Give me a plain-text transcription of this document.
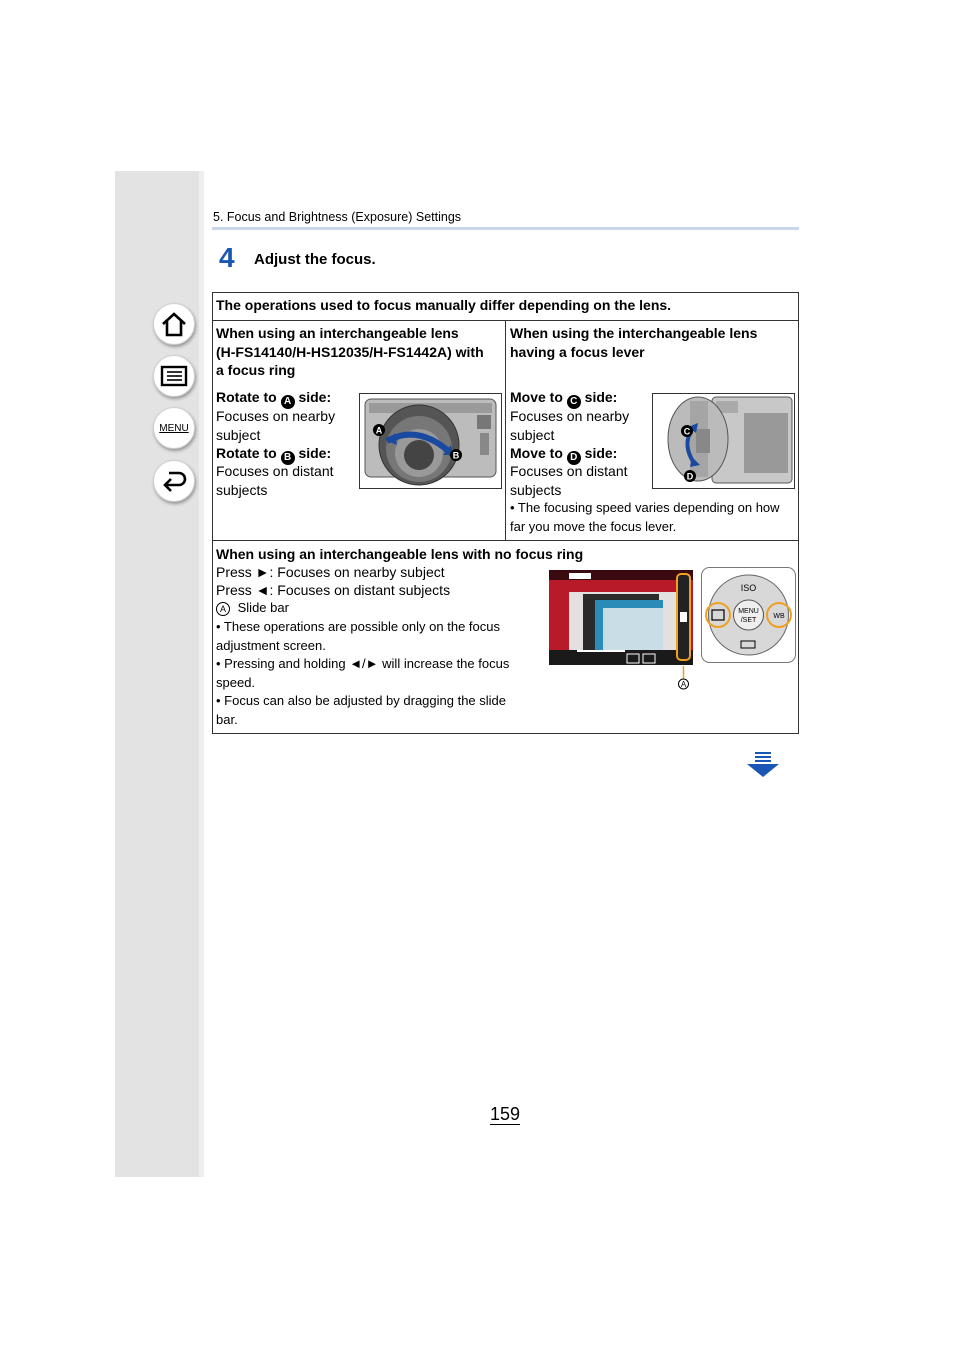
MENU
5. Focus and Brightness (Exposure) Settings
4 Adjust the focus.
The operations used to focus manually differ depending on the lens.
When using an interchangeable lens
(H-FS14140/H-HS12035/H-FS1442A) with
a focus ring
Rotate to A side:
Focuses on nearby
subject
Rotate to B side:
Focuses on distant
subjects
A
B
When using the interchangeable lens
having a focus lever
Move to C side:
Focuses on nearby
subject
Move to D side:
Focuses on distant
subjects
• The focusing speed varies depending on how
far you move the focus lever.
C
D
When using an interchangeable lens with no focus ring
Press ►: Focuses on nearby subject
Press ◄: Focuses on distant subjects
A Slide bar
• These operations are possible only on the focus
adjustment screen.
• Pressing and holding ◄/► will increase the focus
speed.
• Focus can also be adjusted by dragging the slide
bar.
A
ISO
MENU
/SET
WB
159
